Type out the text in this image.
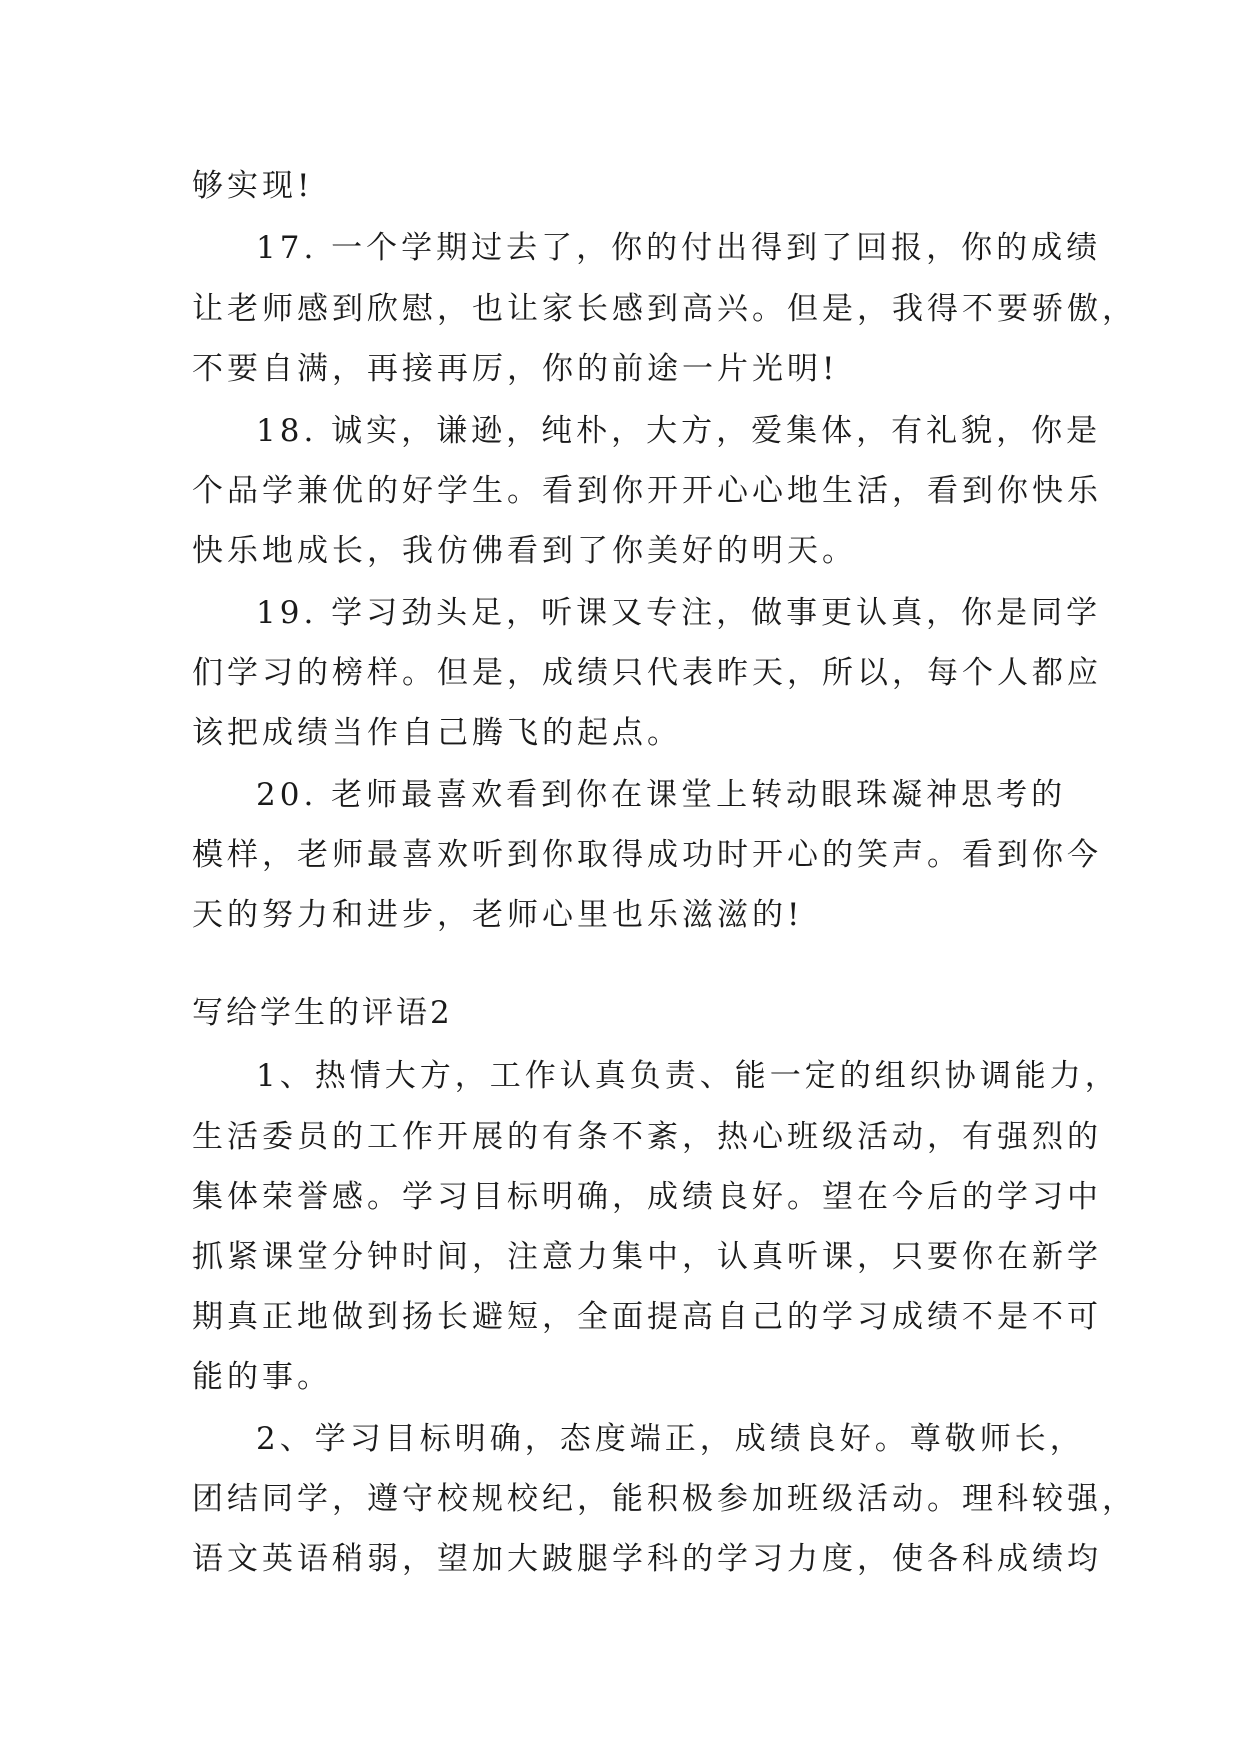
够实现!
17. 一个学期过去了，你的付出得到了回报，你的成绩
让老师感到欣慰，也让家长感到高兴。但是，我得不要骄傲，
不要自满，再接再厉，你的前途一片光明!
18. 诚实，谦逊，纯朴，大方，爱集体，有礼貌，你是
个品学兼优的好学生。看到你开开心心地生活，看到你快乐
快乐地成长，我仿佛看到了你美好的明天。
19. 学习劲头足，听课又专注，做事更认真，你是同学
们学习的榜样。但是，成绩只代表昨天，所以，每个人都应
该把成绩当作自己腾飞的起点。
20. 老师最喜欢看到你在课堂上转动眼珠凝神思考的
模样，老师最喜欢听到你取得成功时开心的笑声。看到你今
天的努力和进步，老师心里也乐滋滋的!
写给学生的评语2
1、热情大方，工作认真负责、能一定的组织协调能力，
生活委员的工作开展的有条不紊，热心班级活动，有强烈的
集体荣誉感。学习目标明确，成绩良好。望在今后的学习中
抓紧课堂分钟时间，注意力集中，认真听课，只要你在新学
期真正地做到扬长避短，全面提高自己的学习成绩不是不可
能的事。
2、学习目标明确，态度端正，成绩良好。尊敬师长，
团结同学，遵守校规校纪，能积极参加班级活动。理科较强，
语文英语稍弱，望加大跛腿学科的学习力度，使各科成绩均
